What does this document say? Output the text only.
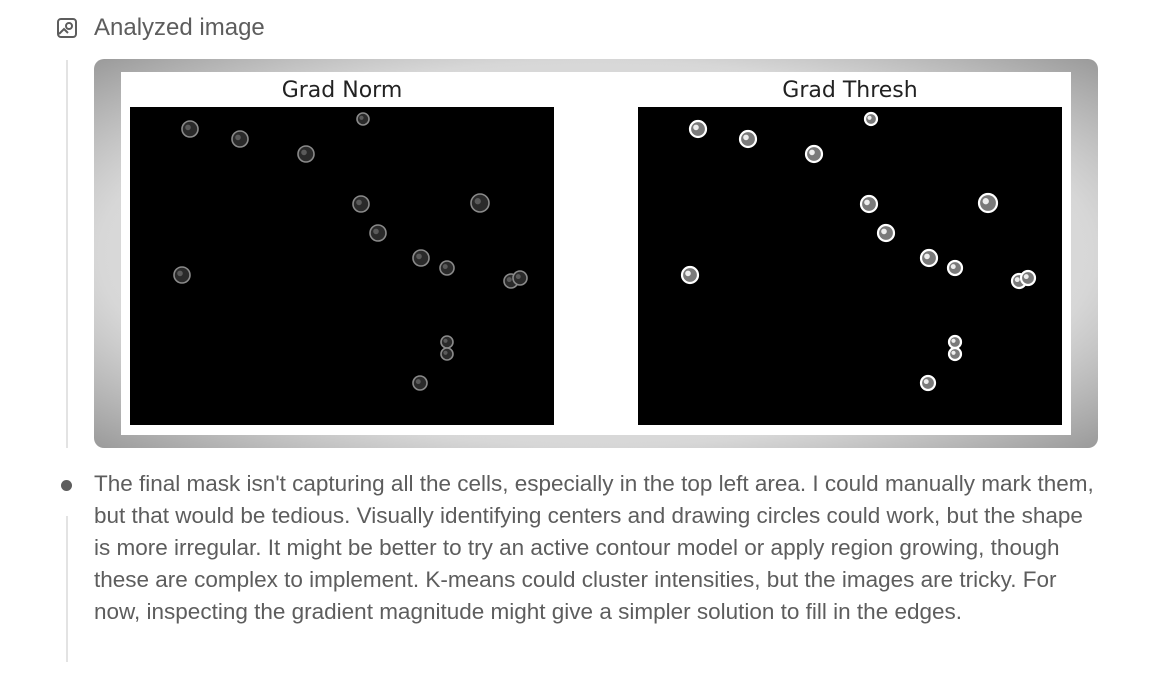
Analyzed image
Grad Norm	Grad Thresh
The final mask isn't capturing all the cells, especially in the top left area. I could manually mark them, but that would be tedious. Visually identifying centers and drawing circles could work, but the shape is more irregular. It might be better to try an active contour model or apply region growing, though these are complex to implement. K-means could cluster intensities, but the images are tricky. For now, inspecting the gradient magnitude might give a simpler solution to fill in the edges.
